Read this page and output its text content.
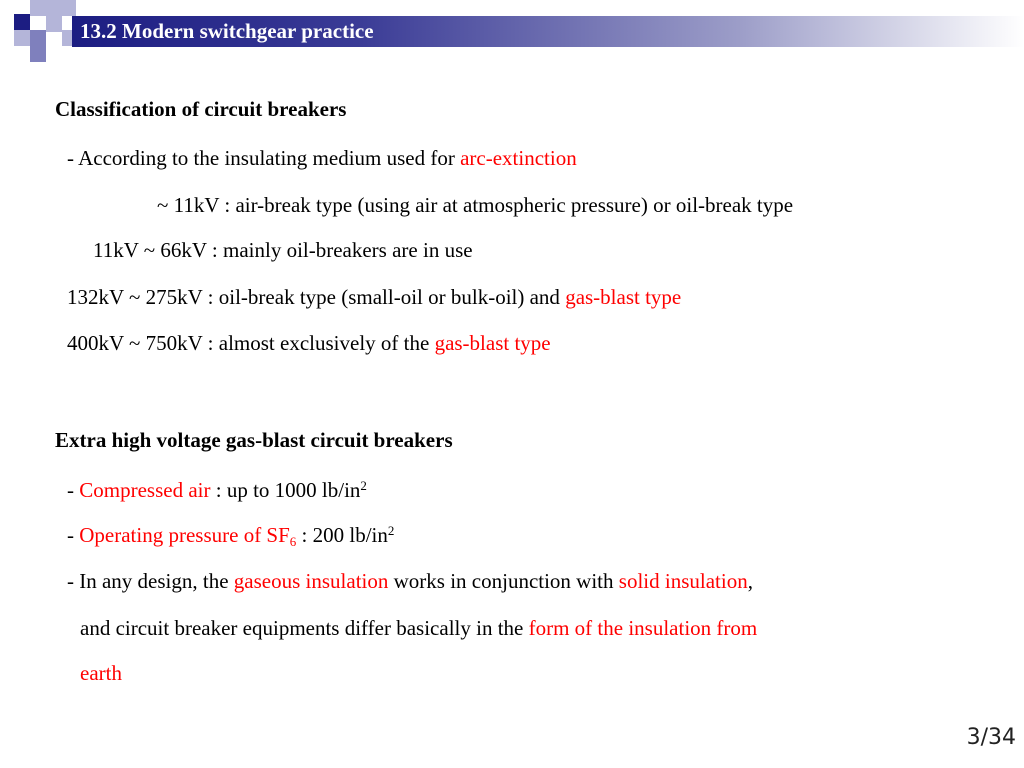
13.2 Modern switchgear practice
Classification of circuit breakers
- According to the insulating medium used for arc-extinction
~ 11kV : air-break type (using air at atmospheric pressure) or oil-break type
11kV ~ 66kV : mainly oil-breakers are in use
132kV ~ 275kV : oil-break type (small-oil or bulk-oil) and gas-blast type
400kV ~ 750kV : almost exclusively of the gas-blast type
Extra high voltage gas-blast circuit breakers
- Compressed air : up to 1000 $lb/in^2$
- Operating pressure of $SF_6$ : 200 $lb/in^2$
- In any design, the gaseous insulation works in conjunction with solid insulation,
and circuit breaker equipments differ basically in the form of the insulation from
earth
3/34
